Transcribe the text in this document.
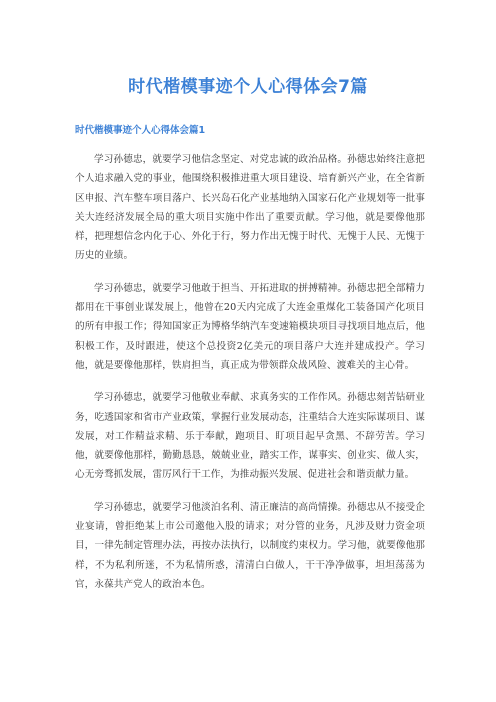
时代楷模事迹个人心得体会7篇
时代楷模事迹个人心得体会篇1

学习孙德忠，就要学习他信念坚定、对党忠诚的政治品格。孙德忠始终注意把个人追求融入党的事业，他围绕积极推进重大项目建设、培育新兴产业，在全省新区申报、汽车整车项目落户、长兴岛石化产业基地纳入国家石化产业规划等一批事关大连经济发展全局的重大项目实施中作出了重要贡献。学习他，就是要像他那样，把理想信念内化于心、外化于行，努力作出无愧于时代、无愧于人民、无愧于历史的业绩。

学习孙德忠，就要学习他敢于担当、开拓进取的拼搏精神。孙德忠把全部精力都用在干事创业谋发展上，他曾在20天内完成了大连金重煤化工装备国产化项目的所有申报工作；得知国家正为博格华纳汽车变速箱模块项目寻找项目地点后，他积极工作，及时跟进，使这个总投资2亿美元的项目落户大连并建成投产。学习他，就是要像他那样，铁肩担当，真正成为带领群众战风险、渡难关的主心骨。

学习孙德忠，就要学习他敬业奉献、求真务实的工作作风。孙德忠刻苦钻研业务，吃透国家和省市产业政策，掌握行业发展动态，注重结合大连实际谋项目、谋发展，对工作精益求精、乐于奉献，跑项目、盯项目起早贪黑、不辞劳苦。学习他，就要像他那样，勤勤恳恳，兢兢业业，踏实工作，谋事实、创业实、做人实，心无旁骛抓发展，雷厉风行干工作，为推动振兴发展、促进社会和谐贡献力量。

学习孙德忠，就要学习他淡泊名利、清正廉洁的高尚情操。孙德忠从不接受企业宴请，曾拒绝某上市公司邀他入股的请求；对分管的业务，凡涉及财力资金项目，一律先制定管理办法，再按办法执行，以制度约束权力。学习他，就要像他那样，不为私利所迷，不为私情所惑，清清白白做人，干干净净做事，坦坦荡荡为官，永葆共产党人的政治本色。
